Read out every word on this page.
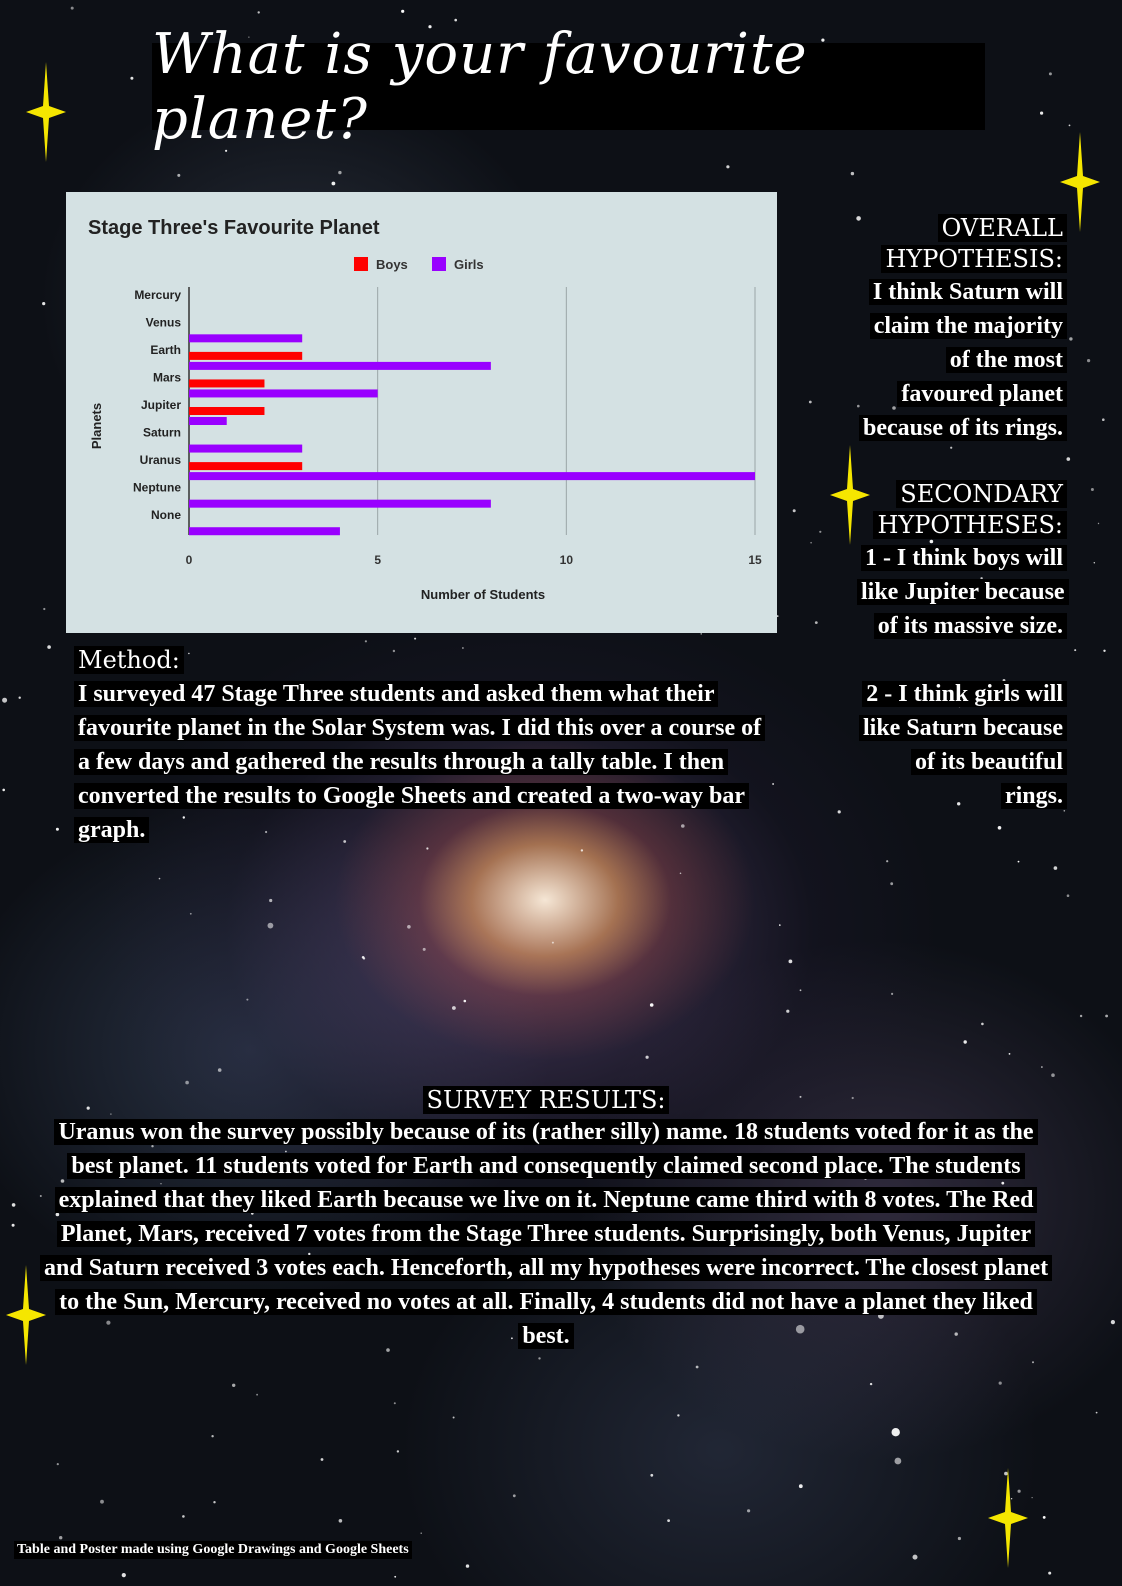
What is your favourite planet?
Stage Three's Favourite Planet
Boys	Girls
0	5	10	15
Mercury
Venus
Earth
Mars
Jupiter
Saturn
Uranus
Neptune
None
Number of Students
Planets
Method:
I surveyed 47 Stage Three students and asked them what their favourite planet in the Solar System was. I did this over a course of a few days and gathered the results through a tally table. I then converted the results to Google Sheets and created a two-way bar graph.
OVERALL HYPOTHESIS:
I think Saturn will claim the majority of the most favoured planet because of its rings.
SECONDARY HYPOTHESES:
1 - I think boys will like Jupiter because of its massive size.
2 - I think girls will like Saturn because of its beautiful rings.
SURVEY RESULTS:
Uranus won the survey possibly because of its (rather silly) name. 18 students voted for it as the best planet. 11 students voted for Earth and consequently claimed second place. The students explained that they liked Earth because we live on it. Neptune came third with 8 votes. The Red Planet, Mars, received 7 votes from the Stage Three students. Surprisingly, both Venus, Jupiter and Saturn received 3 votes each. Henceforth, all my hypotheses were incorrect. The closest planet to the Sun, Mercury, received no votes at all. Finally, 4 students did not have a planet they liked best.
Table and Poster made using Google Drawings and Google Sheets
